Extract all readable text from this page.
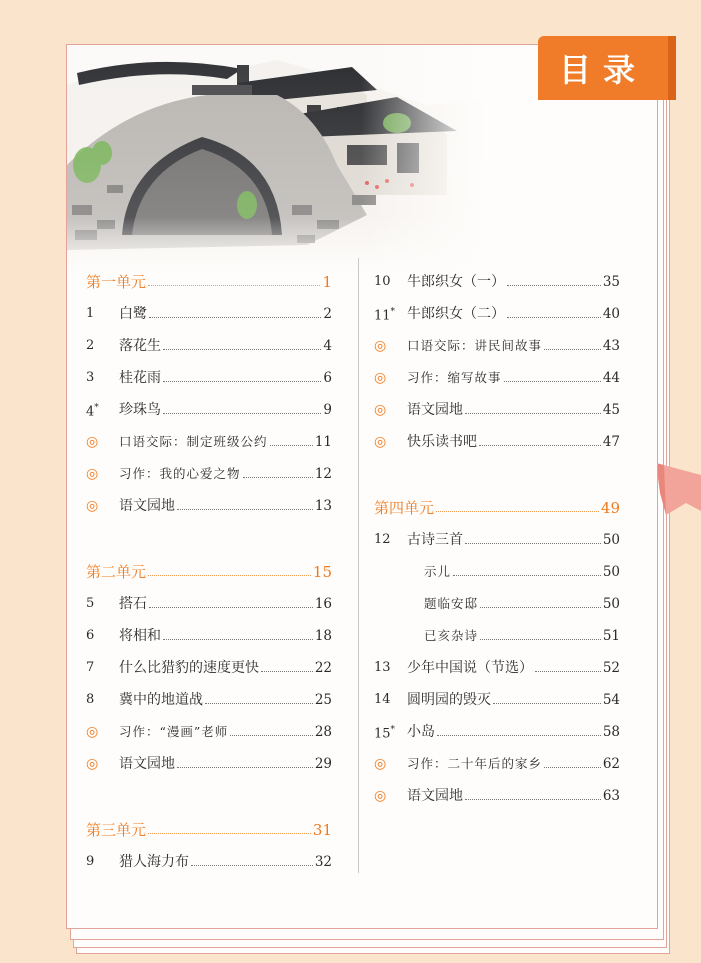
目录
第一单元	1
1	白鹭	2
2	落花生	4
3	桂花雨	6
4*	珍珠鸟	9
◎	口语交际：制定班级公约	11
◎	习作：我的心爱之物	12
◎	语文园地	13
第二单元	15
5	搭石	16
6	将相和	18
7	什么比猎豹的速度更快	22
8	冀中的地道战	25
◎	习作：“漫画”老师	28
◎	语文园地	29
第三单元	31
9	猎人海力布	32
10	牛郎织女（一）	35
11* 牛郎织女（二）	40
◎	口语交际：讲民间故事	43
◎	习作：缩写故事	44
◎	语文园地	45
◎	快乐读书吧	47
第四单元	49
12	古诗三首	50
示儿	50
题临安邸	50
已亥杂诗	51
13	少年中国说（节选）	52
14	圆明园的毁灭	54
15* 小岛	58
◎	习作：二十年后的家乡	62
◎	语文园地	63
